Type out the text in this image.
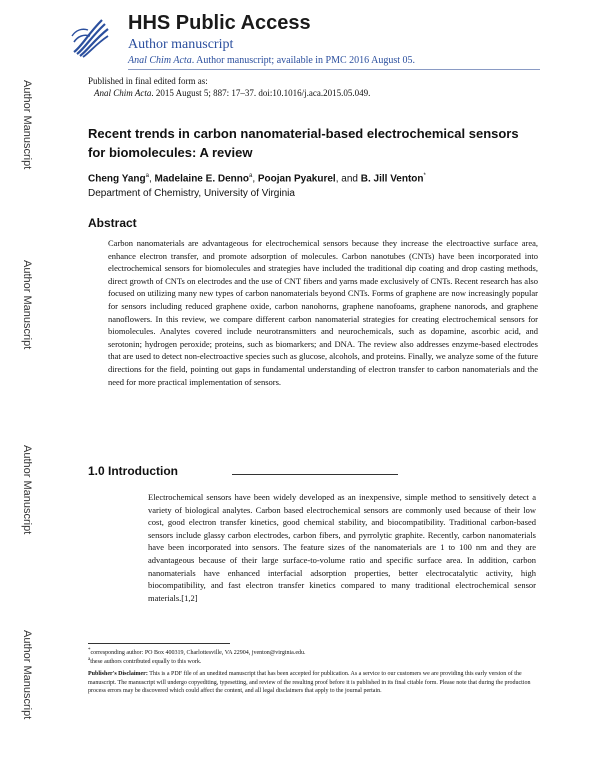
Author Manuscript
Author Manuscript
Author Manuscript
Author Manuscript
HHS Public Access
Author manuscript
Anal Chim Acta. Author manuscript; available in PMC 2016 August 05.
Published in final edited form as:
Anal Chim Acta. 2015 August 5; 887: 17–37. doi:10.1016/j.aca.2015.05.049.
Recent trends in carbon nanomaterial-based electrochemical sensors for biomolecules: A review
Cheng Yang$^a$, Madelaine E. Denno$^a$, Poojan Pyakurel, and B. Jill Venton*
Department of Chemistry, University of Virginia
Abstract
Carbon nanomaterials are advantageous for electrochemical sensors because they increase the electroactive surface area, enhance electron transfer, and promote adsorption of molecules. Carbon nanotubes (CNTs) have been incorporated into electrochemical sensors for biomolecules and strategies have included the traditional dip coating and drop casting methods, direct growth of CNTs on electrodes and the use of CNT fibers and yarns made exclusively of CNTs. Recent research has also focused on utilizing many new types of carbon nanomaterials beyond CNTs. Forms of graphene are now increasingly popular for sensors including reduced graphene oxide, carbon nanohorns, graphene nanofoams, graphene nanorods, and graphene nanoflowers. In this review, we compare different carbon nanomaterial strategies for creating electrochemical sensors for biomolecules. Analytes covered include neurotransmitters and neurochemicals, such as dopamine, ascorbic acid, and serotonin; hydrogen peroxide; proteins, such as biomarkers; and DNA. The review also addresses enzyme-based electrodes that are used to detect non-electroactive species such as glucose, alcohols, and proteins. Finally, we analyze some of the future directions for the field, pointing out gaps in fundamental understanding of electron transfer to carbon nanomaterials and the need for more practical implementation of sensors.
1.0 Introduction
Electrochemical sensors have been widely developed as an inexpensive, simple method to sensitively detect a variety of biological analytes. Carbon based electrochemical sensors are commonly used because of their low cost, good electron transfer kinetics, good chemical stability, and biocompatibility. Traditional carbon-based sensors include glassy carbon electrodes, carbon fibers, and pyrrolytic graphite. Recently, carbon nanomaterials have been incorporated into sensors. The feature sizes of the nanomaterials are 1 to 100 nm and they are advantageous because of their large surface-to-volume ratio and specific surface area. In addition, carbon nanomaterials have enhanced interfacial adsorption properties, better electrocatalytic activity, high biocompatibility, and fast electron transfer kinetics compared to many traditional electrochemical sensor materials.[1,2]
*corresponding author: PO Box 400319, Charlottesville, VA 22904, jventon@virginia.edu.
$^a$these authors contributed equally to this work.
Publisher's Disclaimer: This is a PDF file of an unedited manuscript that has been accepted for publication. As a service to our customers we are providing this early version of the manuscript. The manuscript will undergo copyediting, typesetting, and review of the resulting proof before it is published in its final citable form. Please note that during the production process errors may be discovered which could affect the content, and all legal disclaimers that apply to the journal pertain.
